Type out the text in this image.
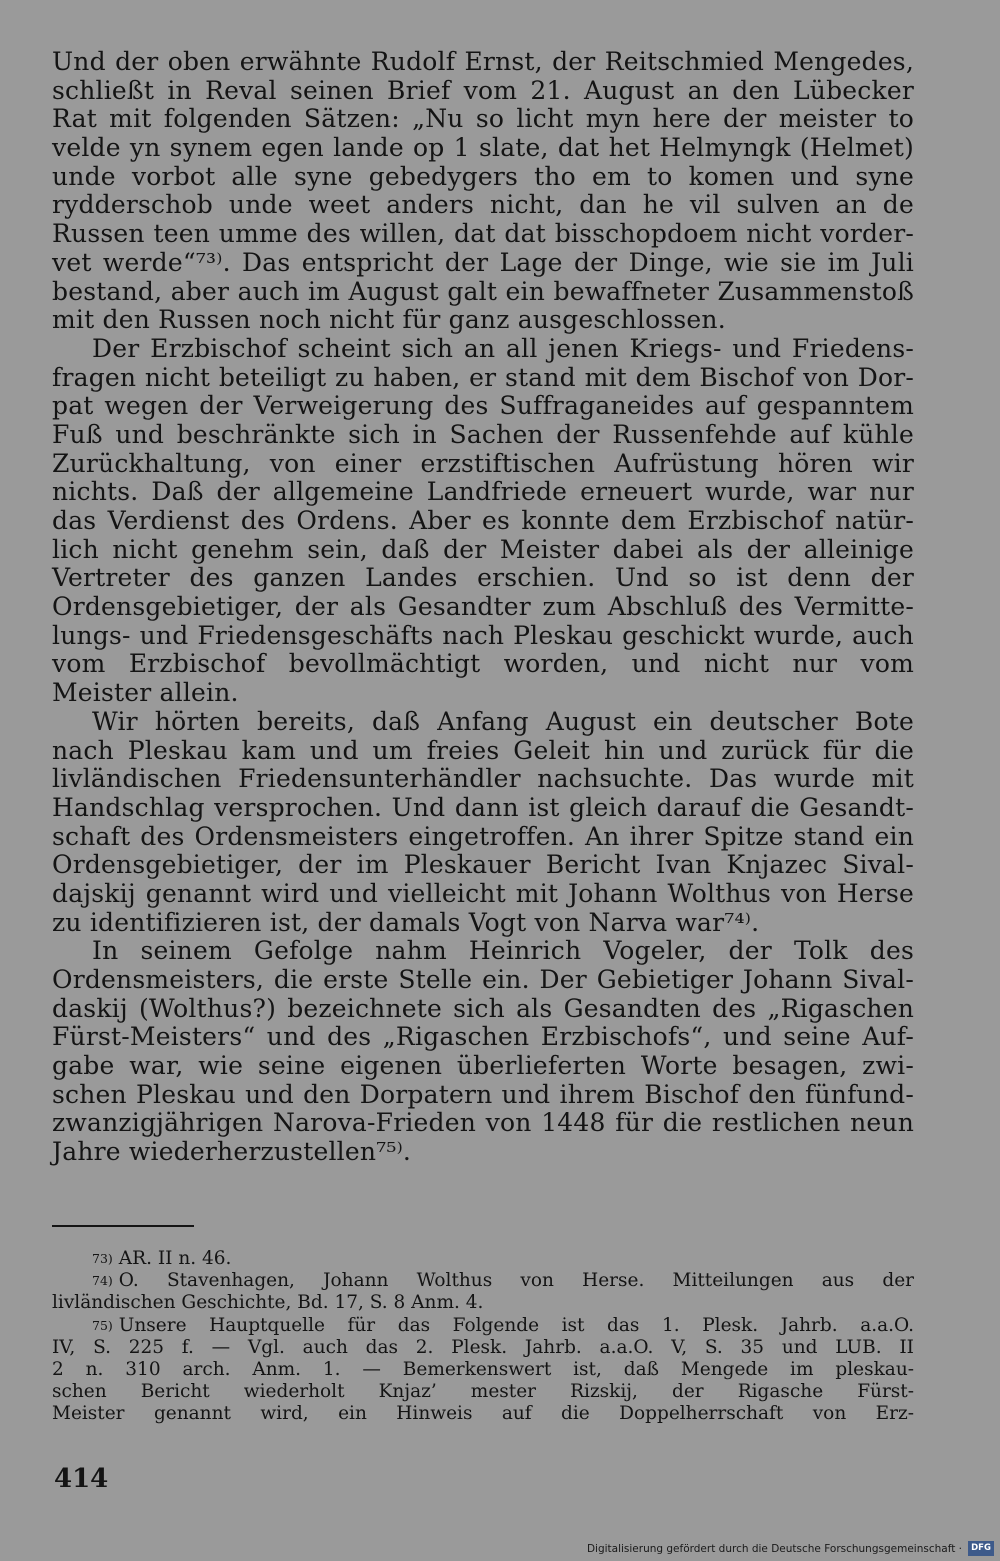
Und der oben erwähnte Rudolf Ernst, der Reitschmied Mengedes,
schließt in Reval seinen Brief vom 21. August an den Lübecker
Rat mit folgenden Sätzen: „Nu so licht myn here der meister to
velde yn synem egen lande op 1 slate, dat het Helmyngk (Helmet)
unde vorbot alle syne gebedygers tho em to komen und syne
rydderschob unde weet anders nicht, dan he vil sulven an de
Russen teen umme des willen, dat dat bisschopdoem nicht vorder-
vet werde“⁷³⁾. Das entspricht der Lage der Dinge, wie sie im Juli
bestand, aber auch im August galt ein bewaffneter Zusammenstoß
mit den Russen noch nicht für ganz ausgeschlossen.
Der Erzbischof scheint sich an all jenen Kriegs- und Friedens-
fragen nicht beteiligt zu haben, er stand mit dem Bischof von Dor-
pat wegen der Verweigerung des Suffraganeides auf gespanntem
Fuß und beschränkte sich in Sachen der Russenfehde auf kühle
Zurückhaltung, von einer erzstiftischen Aufrüstung hören wir
nichts. Daß der allgemeine Landfriede erneuert wurde, war nur
das Verdienst des Ordens. Aber es konnte dem Erzbischof natür-
lich nicht genehm sein, daß der Meister dabei als der alleinige
Vertreter des ganzen Landes erschien. Und so ist denn der
Ordensgebietiger, der als Gesandter zum Abschluß des Vermitte-
lungs- und Friedensgeschäfts nach Pleskau geschickt wurde, auch
vom Erzbischof bevollmächtigt worden, und nicht nur vom
Meister allein.
Wir hörten bereits, daß Anfang August ein deutscher Bote
nach Pleskau kam und um freies Geleit hin und zurück für die
livländischen Friedensunterhändler nachsuchte. Das wurde mit
Handschlag versprochen. Und dann ist gleich darauf die Gesandt-
schaft des Ordensmeisters eingetroffen. An ihrer Spitze stand ein
Ordensgebietiger, der im Pleskauer Bericht Ivan Knjazec Sival-
dajskij genannt wird und vielleicht mit Johann Wolthus von Herse
zu identifizieren ist, der damals Vogt von Narva war⁷⁴⁾.
In seinem Gefolge nahm Heinrich Vogeler, der Tolk des
Ordensmeisters, die erste Stelle ein. Der Gebietiger Johann Sival-
daskij (Wolthus?) bezeichnete sich als Gesandten des „Rigaschen
Fürst-Meisters“ und des „Rigaschen Erzbischofs“, und seine Auf-
gabe war, wie seine eigenen überlieferten Worte besagen, zwi-
schen Pleskau und den Dorpatern und ihrem Bischof den fünfund-
zwanzigjährigen Narova-Frieden von 1448 für die restlichen neun
Jahre wiederherzustellen⁷⁵⁾.
$^{73)}$ AR. II n. 46.
$^{74)}$ O. Stavenhagen, Johann Wolthus von Herse. Mitteilungen aus der
livländischen Geschichte, Bd. 17, S. 8 Anm. 4.
$^{75)}$ Unsere Hauptquelle für das Folgende ist das 1. Plesk. Jahrb. a.a.O.
IV, S. 225 f. — Vgl. auch das 2. Plesk. Jahrb. a.a.O. V, S. 35 und LUB. II
2 n. 310 arch. Anm. 1. — Bemerkenswert ist, daß Mengede im pleskau-
schen Bericht wiederholt Knjaz’ mester Rizskij, der Rigasche Fürst-
Meister genannt wird, ein Hinweis auf die Doppelherrschaft von Erz-
414
Digitalisierung gefördert durch die Deutsche Forschungsgemeinschaft ·	DFG
